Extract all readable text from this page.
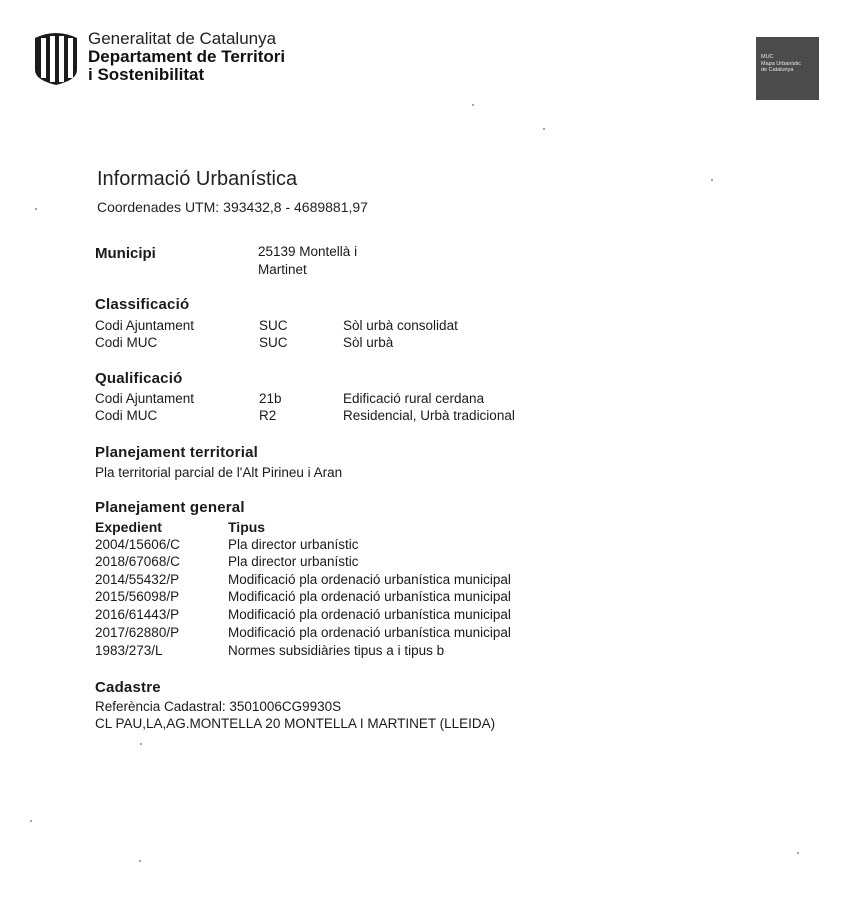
Generalitat de Catalunya
Departament de Territori
i Sostenibilitat
MUC
Mapa Urbanístic
de Catalunya
Informació Urbanística
Coordenades UTM: 393432,8 - 4689881,97
Municipi	25139 Montellà i Martinet
Classificació
Codi Ajuntament	SUC	Sòl urbà consolidat
Codi MUC	SUC	Sòl urbà
Qualificació
Codi Ajuntament	21b	Edificació rural cerdana
Codi MUC	R2	Residencial, Urbà tradicional
Planejament territorial
Pla territorial parcial de l'Alt Pirineu i Aran
Planejament general
Expedient	Tipus
2004/15606/C	Pla director urbanístic
2018/67068/C	Pla director urbanístic
2014/55432/P	Modificació pla ordenació urbanística municipal
2015/56098/P	Modificació pla ordenació urbanística municipal
2016/61443/P	Modificació pla ordenació urbanística municipal
2017/62880/P	Modificació pla ordenació urbanística municipal
1983/273/L	Normes subsidiàries tipus a i tipus b
Cadastre
Referència Cadastral: 3501006CG9930S
CL PAU,LA,AG.MONTELLA 20 MONTELLA I MARTINET (LLEIDA)
